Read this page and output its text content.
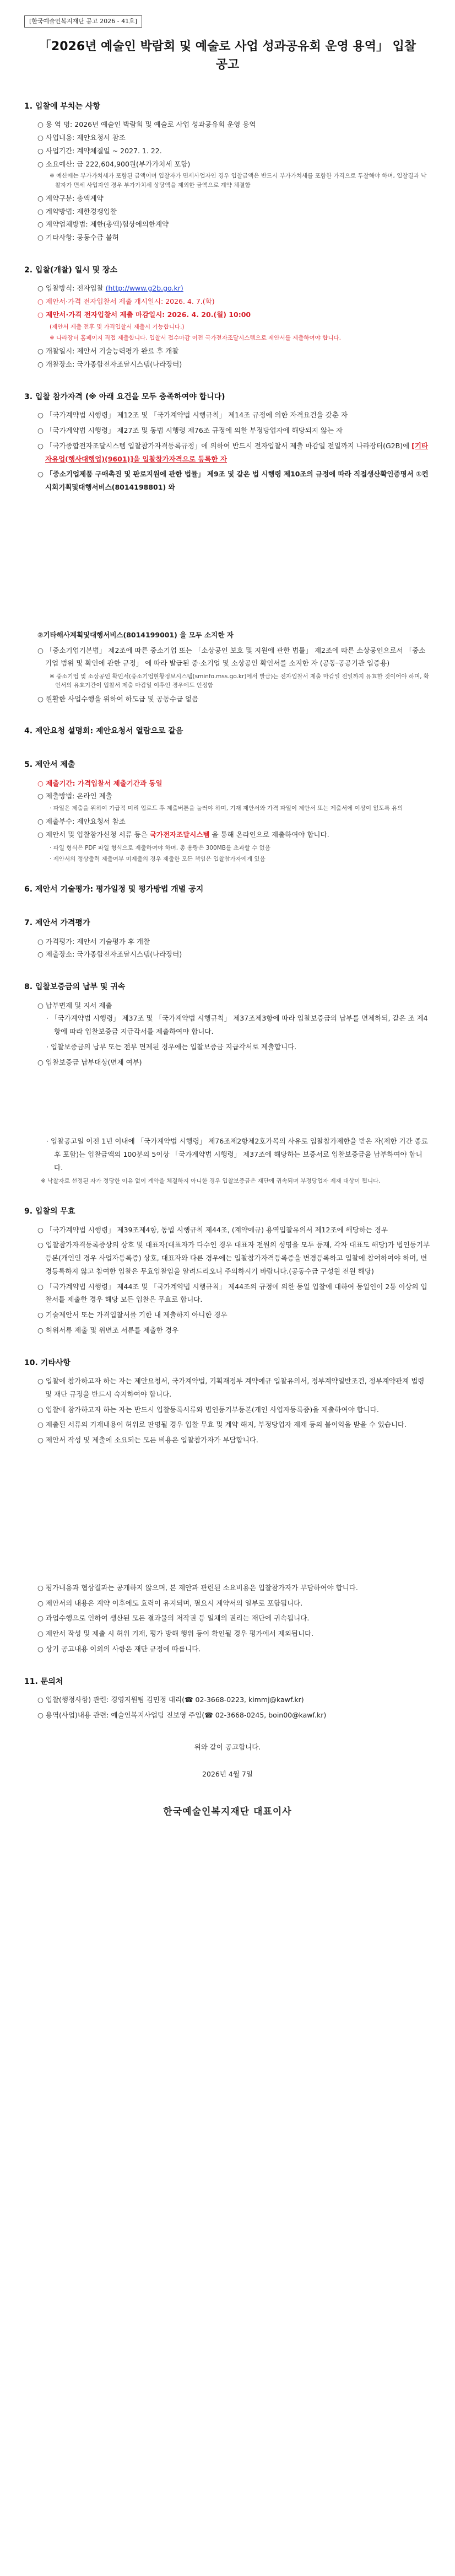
[한국예술인복지재단 공고 2026 - 41호]
「2026년 예술인 박람회 및 예술로 사업 성과공유회 운영 용역」 입찰 공고
1. 입찰에 부치는 사항
○ 용 역 명: 2026년 예술인 박람회 및 예술로 사업 성과공유회 운영 용역
○ 사업내용: 제안요청서 참조
○ 사업기간: 계약체결일 ~ 2027. 1. 22.
○ 소요예산: 금 222,604,900원(부가가치세 포함)
※ 예산에는 부가가치세가 포함된 금액이며 입찰자가 면세사업자인 경우 입찰금액은 반드시 부가가치세를 포함한 가격으로 투찰해야 하며, 입찰결과 낙찰자가 면세 사업자인 경우 부가가치세 상당액을 제외한 금액으로 계약 체결함
○ 계약구분: 총액계약
○ 계약방법: 제한경쟁입찰
○ 계약업체방법: 제한(총액)협상에의한계약
○ 기타사항: 공동수급 불허
2. 입찰(개찰) 일시 및 장소
○ 입찰방식: 전자입찰 (http://www.g2b.go.kr)
○ 제안서·가격 전자입찰서 제출 개시일시: 2026. 4. 7.(화)
○ 제안서·가격 전자입찰서 제출 마감일시: 2026. 4. 20.(월) 10:00
(제안서 제출 전후 및 가격입찰서 제출시 기능합니다.)
※ 나라장터 홈페이지 직접 제출합니다. 입찰서 접수마감 이전 국가전자조달시스템으로 제안서를 제출하여야 합니다.
○ 개찰일시: 제안서 기술능력평가 완료 후 개찰
○ 개찰장소: 국가종합전자조달시스템(나라장터)
3. 입찰 참가자격 (※ 아래 요건을 모두 충족하여야 합니다)
○ 「국가계약법 시행령」 제12조 및 「국가계약법 시행규칙」 제14조 규정에 의한 자격요건을 갖춘 자
○ 「국가계약법 시행령」 제27조 및 동법 시행령 제76조 규정에 의한 부정당업자에 해당되지 않는 자
○ 「국가종합전자조달시스템 입찰참가자격등록규정」에 의하여 반드시 전자입찰서 제출 마감일 전일까지 나라장터(G2B)에 [기타자유업(행사대행업)(9601)]을 입찰참가자격으로 등록한 자
○ 「중소기업제품 구매촉진 및 판로지원에 관한 법률」 제9조 및 같은 법 시행령 제10조의 규정에 따라 직접생산확인증명서 ①컨시회기획및대행서비스(8014198801) 와
②기타해사계획및대행서비스(8014199001) 을 모두 소지한 자
○ 「중소기업기본법」 제2조에 따른 중소기업 또는 「소상공인 보호 및 지원에 관한 법률」 제2조에 따른 소상공인으로서 「중소기업 범위 및 확인에 관한 규정」 에 따라 발급된 중·소기업 및 소상공인 확인서를 소지한 자 (공동·공공기관 입증용)
※ 중소기업 및 소상공인 확인서(중소기업현황정보시스템(sminfo.mss.go.kr)에서 발급)는 전자입찰서 제출 마감일 전일까지 유효한 것이어야 하며, 확인서의 유효기간이 입찰서 제출 마감일 이후인 경우에도 인정함
○ 원활한 사업수행을 위하여 하도급 및 공동수급 없음
4. 제안요청 설명회: 제안요청서 열람으로 갈음
5. 제안서 제출
○ 제출기간: 가격입찰서 제출기간과 동일
○ 제출방법: 온라인 제출
· 파일은 제출을 위하여 가급적 미리 업로드 후 제출버튼을 눌러야 하며, 기재 제안서와 가격 파일이 제안서 또는 제출서에 이상이 없도록 유의
○ 제출부수: 제안요청서 참조
○ 제안서 및 입찰참가신청 서류 등은 국가전자조달시스템 을 통해 온라인으로 제출하여야 합니다.
· 파일 형식은 PDF 파일 형식으로 제출하여야 하며, 총 용량은 300MB를 초과할 수 없음
· 제안서의 정상출력 제출여부 미제출의 경우 제출한 모든 책임은 입찰참가자에게 있음
6. 제안서 기술평가: 평가일정 및 평가방법 개별 공지
7. 제안서 가격평가
○ 가격평가: 제안서 기술평가 후 개찰
○ 제출장소: 국가종합전자조달시스템(나라장터)
8. 입찰보증금의 납부 및 귀속
○ 납부면제 및 지서 제출
· 「국가계약법 시행령」 제37조 및 「국가계약법 시행규칙」 제37조제3항에 따라 입찰보증금의 납부를 면제하되, 같은 조 제4항에 따라 입찰보증금 지급각서를 제출하여야 합니다.
· 입찰보증금의 납부 또는 전부 면제된 경우에는 입찰보증금 지급각서로 제출합니다.
○ 입찰보증금 납부대상(면제 여부)
· 입찰공고일 이전 1년 이내에 「국가계약법 시행령」 제76조제2항제2호가목의 사유로 입찰참가제한을 받은 자(제한 기간 종료 후 포함)는 입찰금액의 100분의 5이상 「국가계약법 시행령」 제37조에 해당하는 보증서로 입찰보증금을 납부하여야 합니다.
※ 낙찰자로 선정된 자가 정당한 이유 없이 계약을 체결하지 아니한 경우 입찰보증금은 재단에 귀속되며 부정당업자 제재 대상이 됩니다.
9. 입찰의 무효
○ 「국가계약법 시행령」 제39조제4항, 동법 시행규칙 제44조, (계약예규) 용역입찰유의서 제12조에 해당하는 경우
○ 입찰참가자격등록증상의 상호 및 대표자(대표자가 다수인 경우 대표자 전원의 성명을 모두 등재, 각자 대표도 해당)가 법인등기부등본(개인인 경우 사업자등록증) 상호, 대표자와 다른 경우에는 입찰참가자격등록증을 변경등록하고 입찰에 참여하여야 하며, 변경등록하지 않고 참여한 입찰은 무효입찰임을 알려드리오니 주의하시기 바랍니다.(공동수급 구성원 전원 해당)
○ 「국가계약법 시행령」 제44조 및 「국가계약법 시행규칙」 제44조의 규정에 의한 동일 입찰에 대하여 동일인이 2통 이상의 입찰서를 제출한 경우 해당 모든 입찰은 무효로 합니다.
○ 기술제안서 또는 가격입찰서를 기한 내 제출하지 아니한 경우
○ 허위서류 제출 및 위변조 서류를 제출한 경우
10. 기타사항
○ 입찰에 참가하고자 하는 자는 제안요청서, 국가계약법, 기획재정부 계약예규 입찰유의서, 정부계약일반조건, 정부계약관계 법령 및 재단 규정을 반드시 숙지하여야 합니다.
○ 입찰에 참가하고자 하는 자는 반드시 입찰등록서류와 법인등기부등본(개인 사업자등록증)을 제출하여야 합니다.
○ 제출된 서류의 기재내용이 허위로 판명될 경우 입찰 무효 및 계약 해지, 부정당업자 제재 등의 불이익을 받을 수 있습니다.
○ 제안서 작성 및 제출에 소요되는 모든 비용은 입찰참가자가 부담합니다.
○ 평가내용과 협상결과는 공개하지 않으며, 본 제안과 관련된 소요비용은 입찰참가자가 부담하여야 합니다.
○ 제안서의 내용은 계약 이후에도 효력이 유지되며, 필요시 계약서의 일부로 포함됩니다.
○ 과업수행으로 인하여 생산된 모든 결과물의 저작권 등 일체의 권리는 재단에 귀속됩니다.
○ 제안서 작성 및 제출 시 허위 기재, 평가 방해 행위 등이 확인될 경우 평가에서 제외됩니다.
○ 상기 공고내용 이외의 사항은 재단 규정에 따릅니다.
11. 문의처
○ 입찰(행정사항) 관련: 경영지원팀 김민정 대리(☎ 02-3668-0223, kimmj@kawf.kr)
○ 용역(사업)내용 관련: 예술인복지사업팀 진보영 주임(☎ 02-3668-0245, boin00@kawf.kr)
위와 같이 공고합니다.
2026년 4월 7일
한국예술인복지재단 대표이사
